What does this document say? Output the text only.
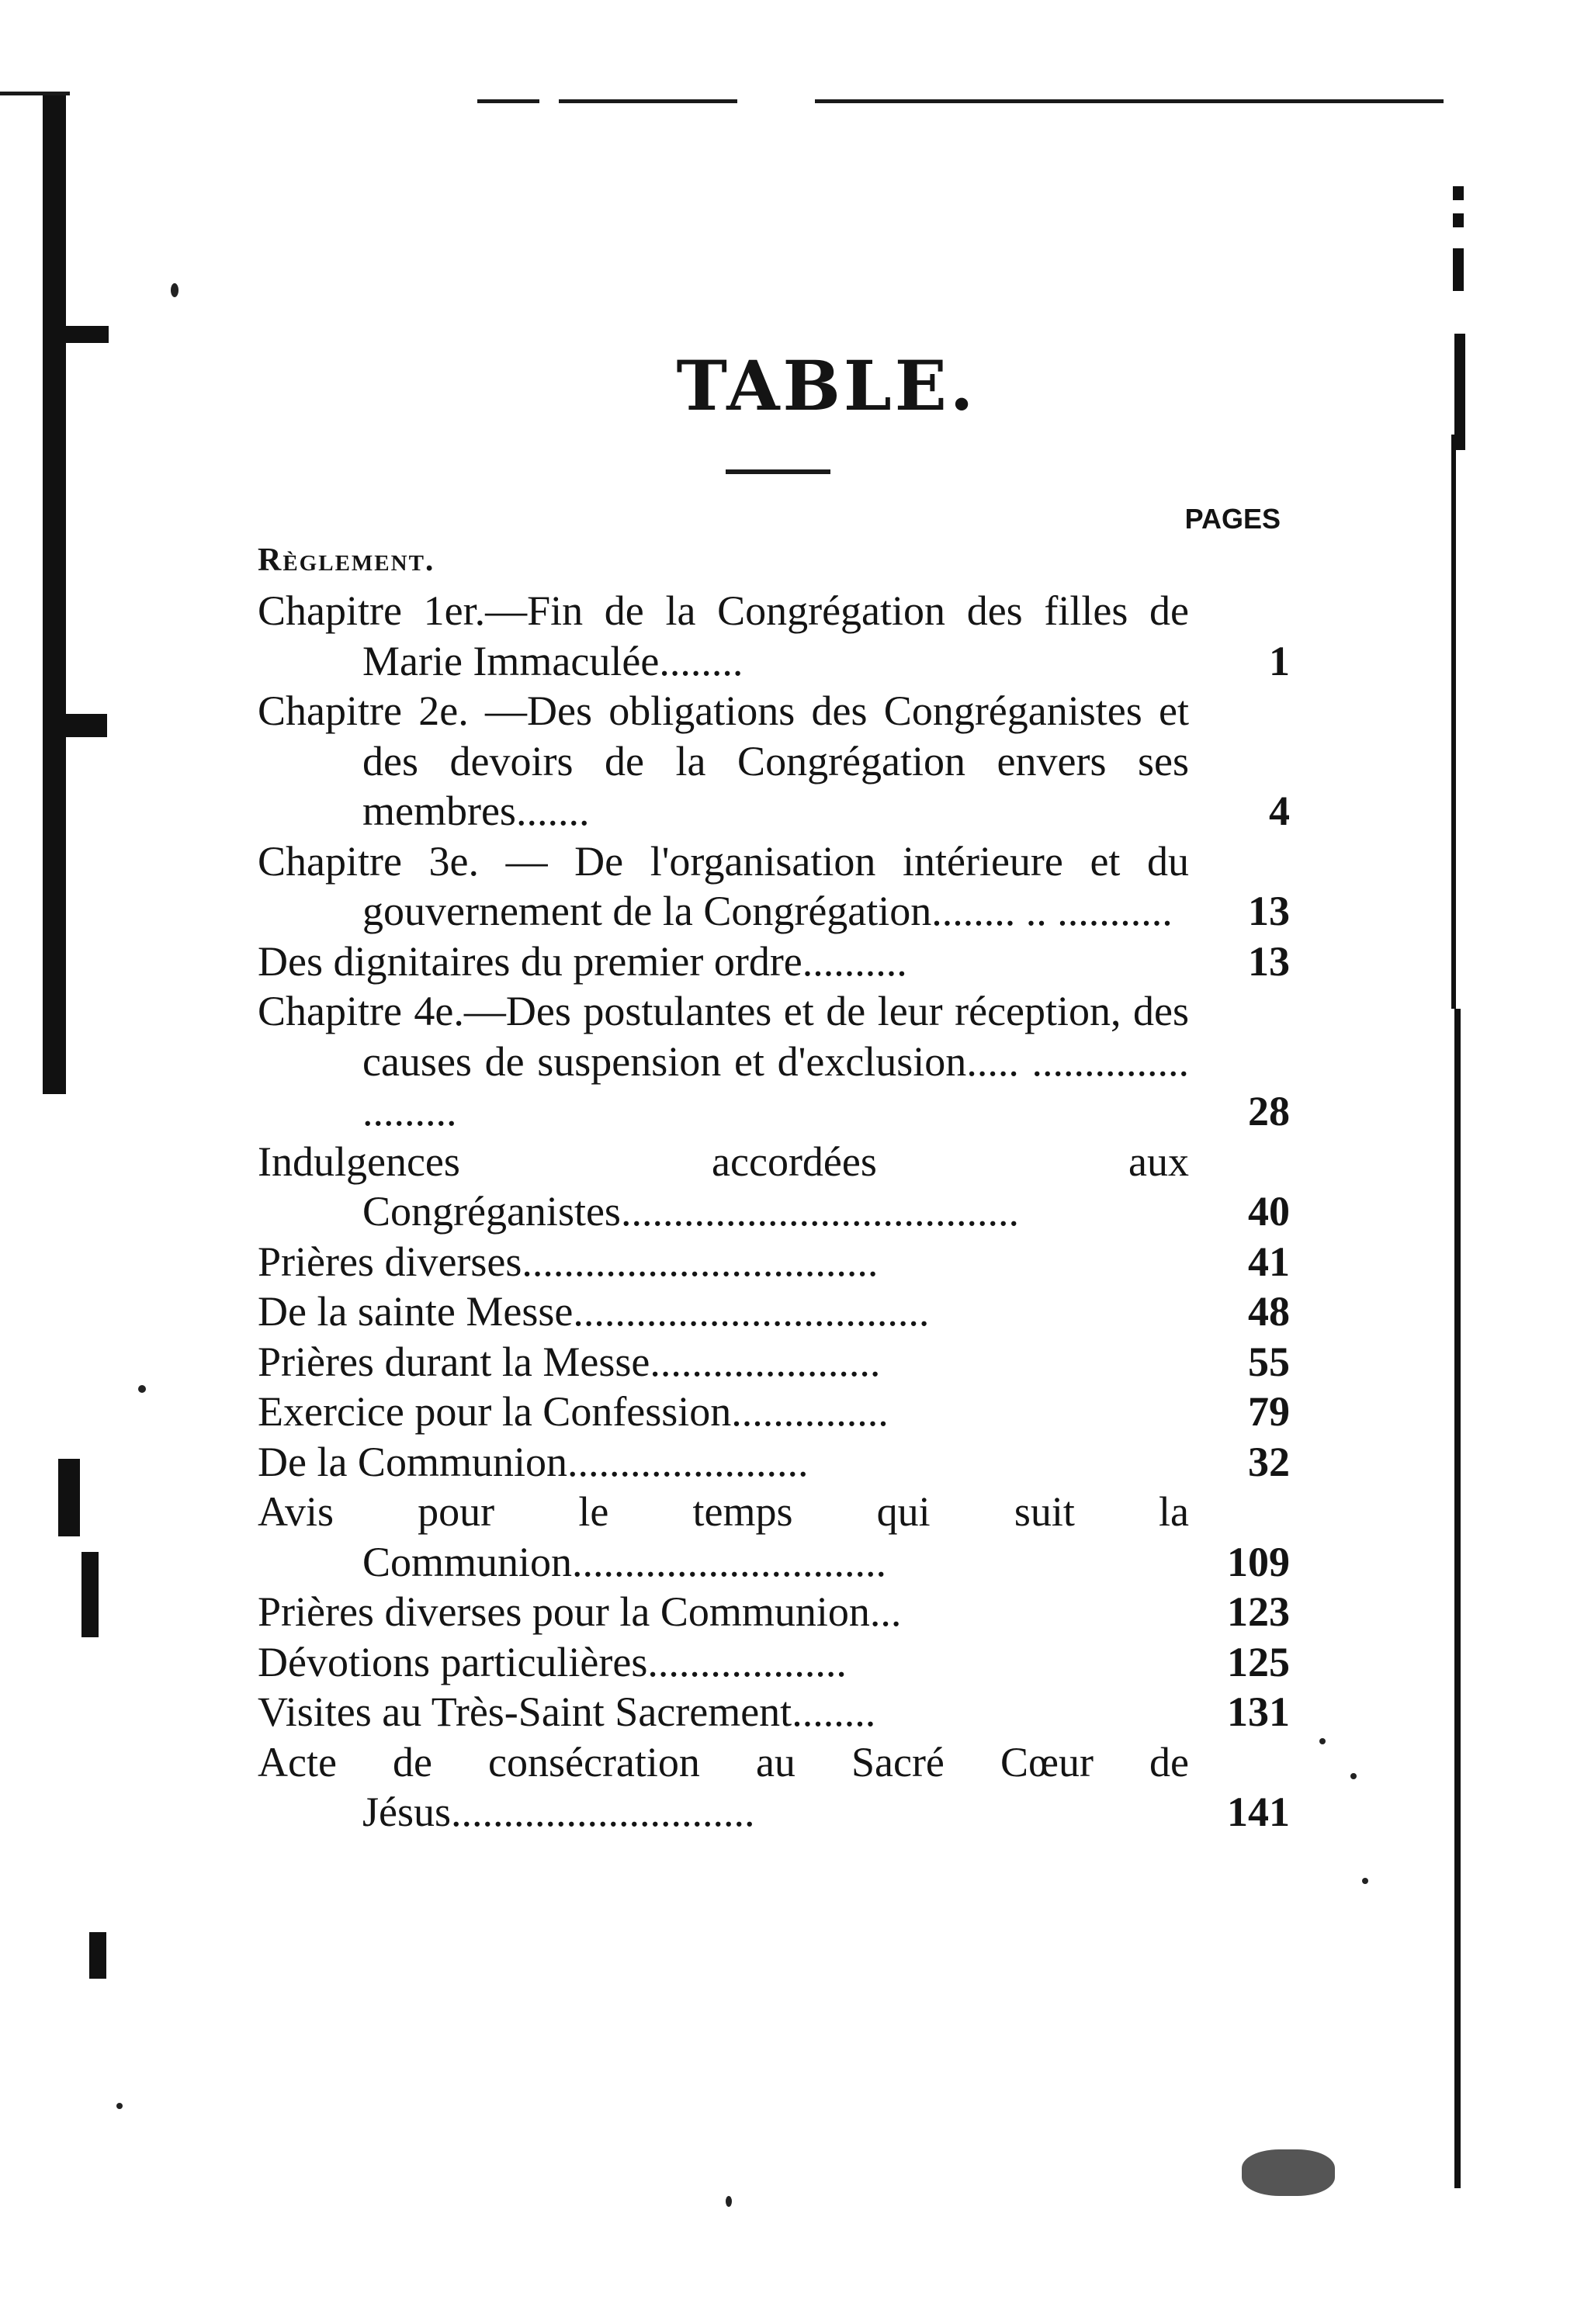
TABLE.
PAGES
Règlement.
Chapitre 1er.—Fin de la Congrégation des filles de Marie Immaculée........	1
Chapitre 2e. —Des obligations des Congréganistes et des devoirs de la Congrégation envers ses membres.......	4
Chapitre 3e. — De l'organisation intérieure et du gouvernement de la Congrégation........ .. ...........	13
Des dignitaires du premier ordre..........	13
Chapitre 4e.—Des postulantes et de leur réception, des causes de suspension et d'exclusion..... ............... .........	28
Indulgences accordées aux Congréganistes......................................	40
Prières diverses..................................	41
De la sainte Messe..................................	48
Prières durant la Messe......................	55
Exercice pour la Confession...............	79
De la Communion.......................	32
Avis pour le temps qui suit la Communion..............................	109
Prières diverses pour la Communion...	123
Dévotions particulières...................	125
Visites au Très-Saint Sacrement........	131
Acte de consécration au Sacré Cœur de Jésus.............................	141
